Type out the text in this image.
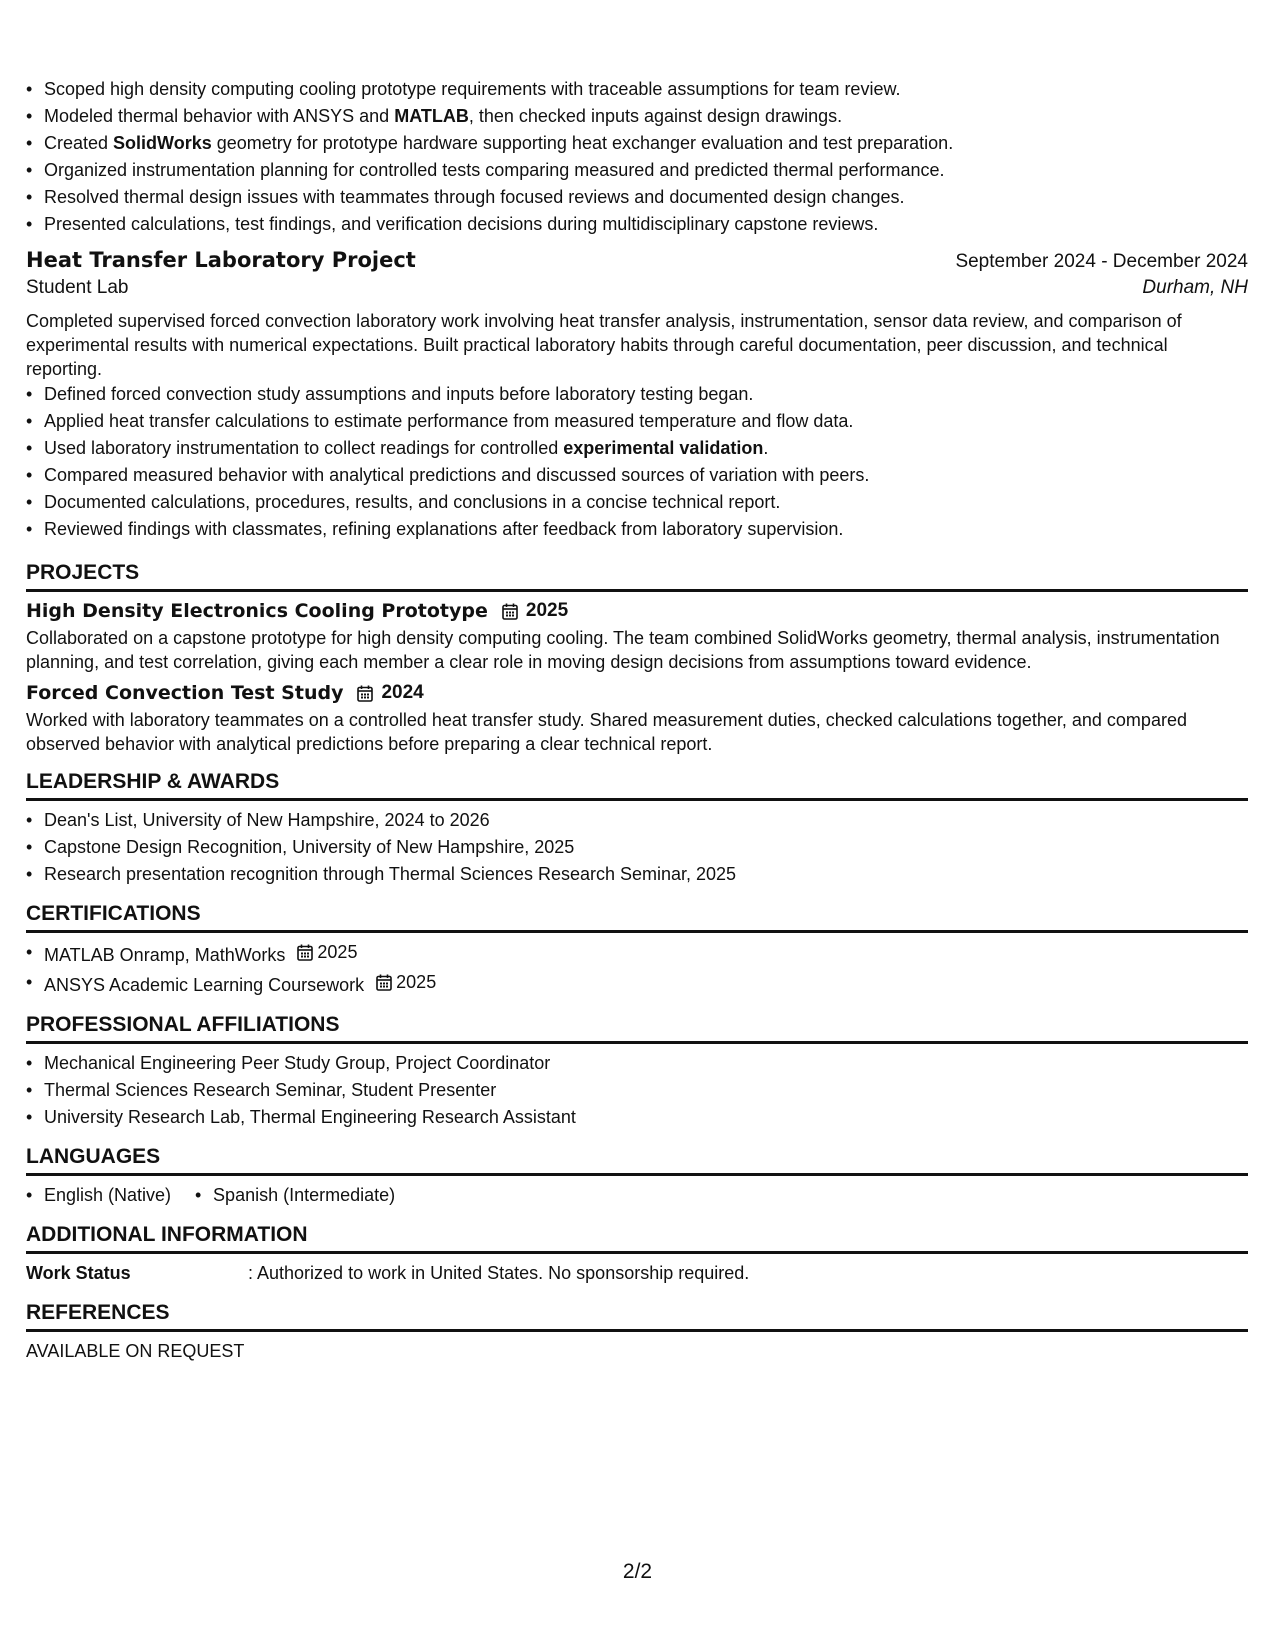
• Scoped high density computing cooling prototype requirements with traceable assumptions for team review.
• Modeled thermal behavior with ANSYS and MATLAB, then checked inputs against design drawings.
• Created SolidWorks geometry for prototype hardware supporting heat exchanger evaluation and test preparation.
• Organized instrumentation planning for controlled tests comparing measured and predicted thermal performance.
• Resolved thermal design issues with teammates through focused reviews and documented design changes.
• Presented calculations, test findings, and verification decisions during multidisciplinary capstone reviews.
Heat Transfer Laboratory Project	September 2024 - December 2024
Student Lab	Durham, NH
Completed supervised forced convection laboratory work involving heat transfer analysis, instrumentation, sensor data review, and comparison of experimental results with numerical expectations. Built practical laboratory habits through careful documentation, peer discussion, and technical reporting.
• Defined forced convection study assumptions and inputs before laboratory testing began.
• Applied heat transfer calculations to estimate performance from measured temperature and flow data.
• Used laboratory instrumentation to collect readings for controlled experimental validation.
• Compared measured behavior with analytical predictions and discussed sources of variation with peers.
• Documented calculations, procedures, results, and conclusions in a concise technical report.
• Reviewed findings with classmates, refining explanations after feedback from laboratory supervision.
PROJECTS
High Density Electronics Cooling Prototype 2025
Collaborated on a capstone prototype for high density computing cooling. The team combined SolidWorks geometry, thermal analysis, instrumentation planning, and test correlation, giving each member a clear role in moving design decisions from assumptions toward evidence.
Forced Convection Test Study 2024
Worked with laboratory teammates on a controlled heat transfer study. Shared measurement duties, checked calculations together, and compared observed behavior with analytical predictions before preparing a clear technical report.
LEADERSHIP & AWARDS
• Dean's List, University of New Hampshire, 2024 to 2026
• Capstone Design Recognition, University of New Hampshire, 2025
• Research presentation recognition through Thermal Sciences Research Seminar, 2025
CERTIFICATIONS
• MATLAB Onramp, MathWorks 2025
• ANSYS Academic Learning Coursework 2025
PROFESSIONAL AFFILIATIONS
• Mechanical Engineering Peer Study Group, Project Coordinator
• Thermal Sciences Research Seminar, Student Presenter
• University Research Lab, Thermal Engineering Research Assistant
LANGUAGES
• English (Native)
• Spanish (Intermediate)
ADDITIONAL INFORMATION
Work Status	: Authorized to work in United States. No sponsorship required.
REFERENCES
AVAILABLE ON REQUEST
2/2
